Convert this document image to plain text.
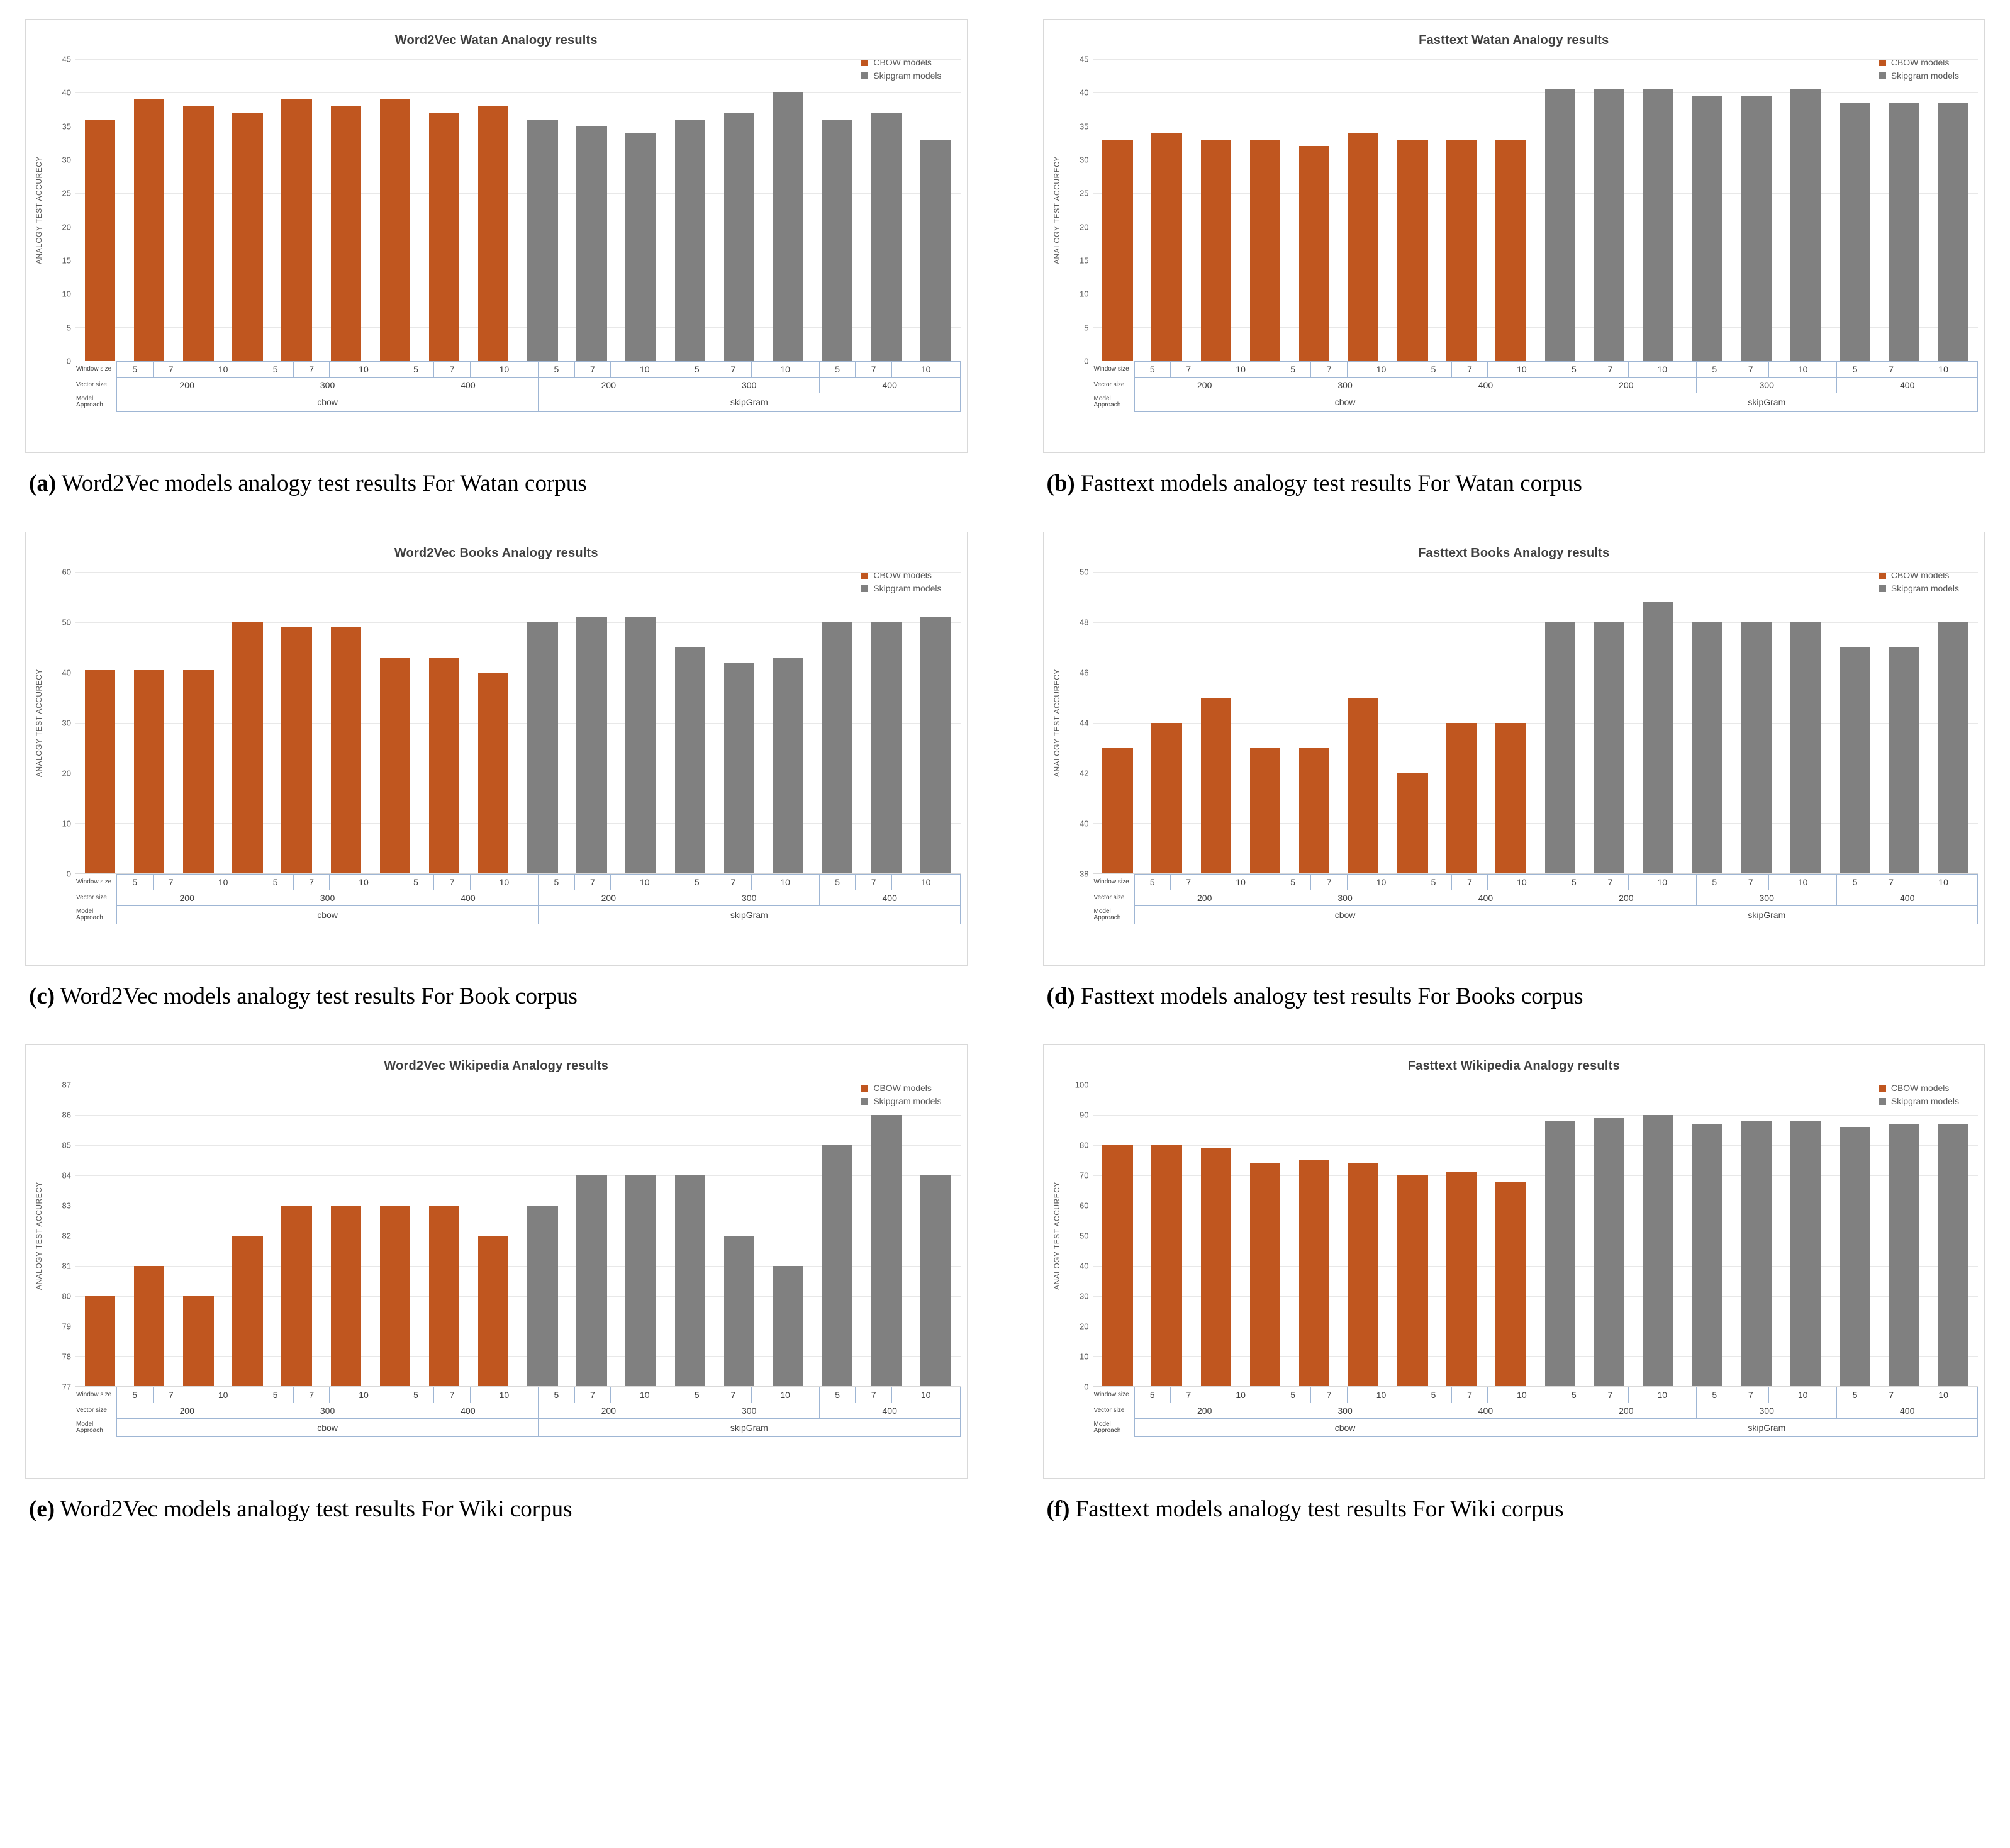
Word2Vec Watan Analogy results
CBOW models
Skipgram models
ANALOGY TEST ACCURECY
0
5
10
15
20
25
30
35
40
45
Window size	5	7	10	5	7	10	5	7	10	5	7	10	5	7	10	5	7	10
Vector size	200			300			400			200			300			400		
Model Approach	cbow									skipGram								
(a) Word2Vec models analogy test results For Watan corpus
Fasttext Watan Analogy results
CBOW models
Skipgram models
ANALOGY TEST ACCURECY
0
5
10
15
20
25
30
35
40
45
Window size	5	7	10	5	7	10	5	7	10	5	7	10	5	7	10	5	7	10
Vector size	200			300			400			200			300			400		
Model Approach	cbow									skipGram								
(b) Fasttext models analogy test results For Watan corpus
Word2Vec Books Analogy results
CBOW models
Skipgram models
ANALOGY TEST ACCURECY
0
10
20
30
40
50
60
Window size	5	7	10	5	7	10	5	7	10	5	7	10	5	7	10	5	7	10
Vector size	200			300			400			200			300			400		
Model Approach	cbow									skipGram								
(c) Word2Vec models analogy test results For Book corpus
Fasttext Books Analogy results
CBOW models
Skipgram models
ANALOGY TEST ACCURECY
38
40
42
44
46
48
50
Window size	5	7	10	5	7	10	5	7	10	5	7	10	5	7	10	5	7	10
Vector size	200			300			400			200			300			400		
Model Approach	cbow									skipGram								
(d) Fasttext models analogy test results For Books corpus
Word2Vec Wikipedia Analogy results
CBOW models
Skipgram models
ANALOGY TEST ACCURECY
77
78
79
80
81
82
83
84
85
86
87
Window size	5	7	10	5	7	10	5	7	10	5	7	10	5	7	10	5	7	10
Vector size	200			300			400			200			300			400		
Model Approach	cbow									skipGram								
(e) Word2Vec models analogy test results For Wiki corpus
Fasttext Wikipedia Analogy results
CBOW models
Skipgram models
ANALOGY TEST ACCURECY
0
10
20
30
40
50
60
70
80
90
100
Window size	5	7	10	5	7	10	5	7	10	5	7	10	5	7	10	5	7	10
Vector size	200			300			400			200			300			400		
Model Approach	cbow									skipGram								
(f) Fasttext models analogy test results For Wiki corpus
